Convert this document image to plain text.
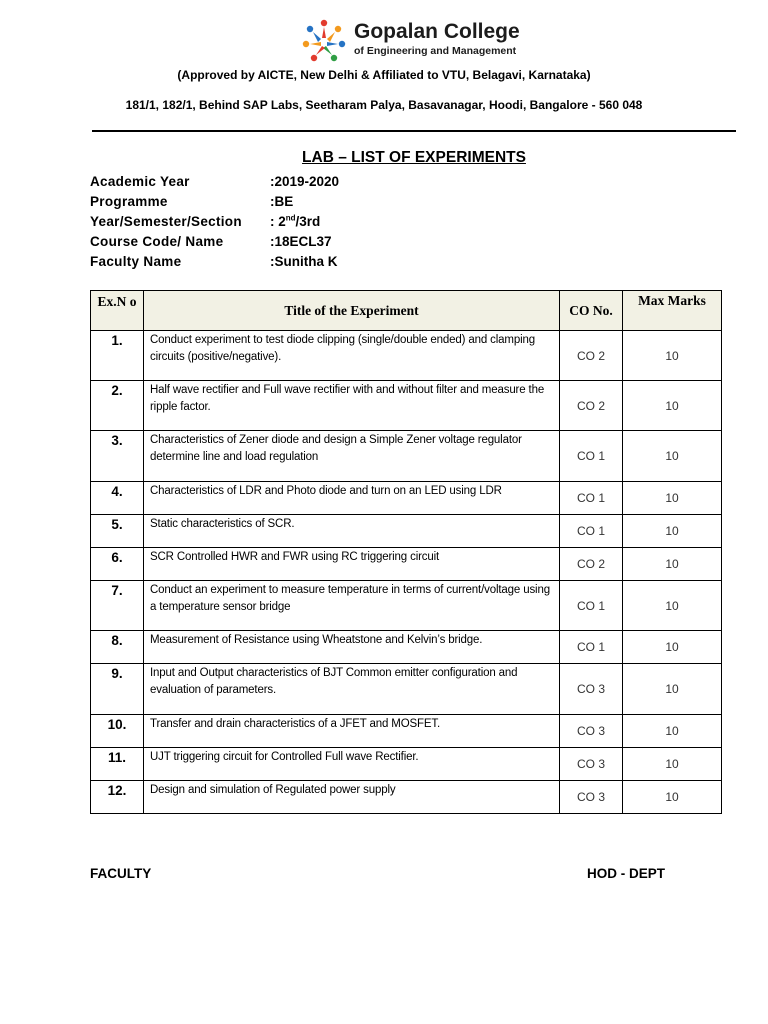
Gopalan College
of Engineering and Management
(Approved by AICTE, New Delhi & Affiliated to VTU, Belagavi, Karnataka)
181/1, 182/1, Behind SAP Labs, Seetharam Palya, Basavanagar, Hoodi, Bangalore - 560 048
LAB – LIST OF EXPERIMENTS
Academic Year	:2019-2020
Programme	:BE
Year/Semester/Section : 2nd/3rd
Course Code/ Name	:18ECL37
Faculty Name	:Sunitha K
Ex.N o	Title of the Experiment	CO No.	Max Marks
1.	Conduct experiment to test diode clipping (single/double ended) and clamping circuits (positive/negative).	CO 2	10
2.	Half wave rectifier and Full wave rectifier with and without filter and measure the ripple factor.	CO 2	10
3.	Characteristics of Zener diode and design a Simple Zener voltage regulator determine line and load regulation	CO 1	10
4.	Characteristics of LDR and Photo diode and turn on an LED using LDR	CO 1	10
5.	Static characteristics of SCR.	CO 1	10
6.	SCR Controlled HWR and FWR using RC triggering circuit	CO 2	10
7.	Conduct an experiment to measure temperature in terms of current/voltage using a temperature sensor bridge	CO 1	10
8.	Measurement of Resistance using Wheatstone and Kelvin’s bridge.	CO 1	10
9.	Input and Output characteristics of BJT Common emitter configuration and evaluation of parameters.	CO 3	10
10.	Transfer and drain characteristics of a JFET and MOSFET.	CO 3	10
11.	UJT triggering circuit for Controlled Full wave Rectifier.	CO 3	10
12.	Design and simulation of Regulated power supply	CO 3	10
FACULTY	HOD - DEPT
